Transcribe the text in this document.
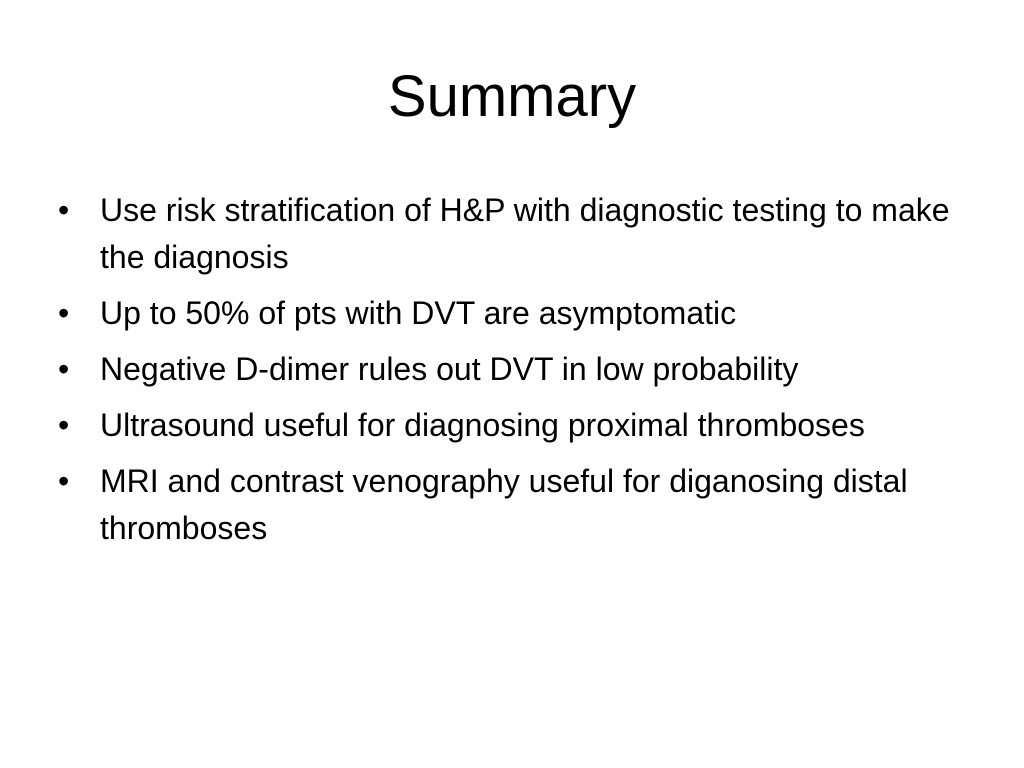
Summary
• Use risk stratification of H&P with diagnostic testing to make the diagnosis
• Up to 50% of pts with DVT are asymptomatic
• Negative D-dimer rules out DVT in low probability
• Ultrasound useful for diagnosing proximal thromboses
• MRI and contrast venography useful for diganosing distal thromboses
